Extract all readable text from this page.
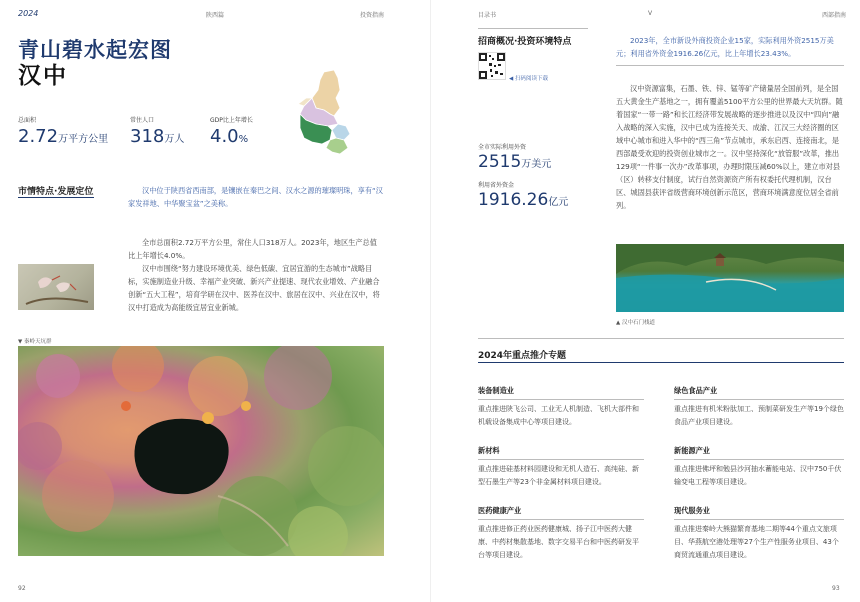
2024	陕西篇	投资指南
青山碧水起宏图
汉中
总面积
2.72万平方公里
常住人口
318万人
GDP比上年增长
4.0%
市情特点·发展定位	汉中位于陕西省西南部，是镶嵌在秦巴之间、汉水之源的璀璨明珠，享有“汉家发祥地、中华聚宝盆”之美称。
全市总面积2.72万平方公里，常住人口318万人。2023年，地区生产总值比上年增长4.0%。
汉中市围绕“努力建设环境优美、绿色低碳、宜居宜游的生态城市”战略目标，实施制造业升级、幸福产业突破、新兴产业提速、现代农业增效、产业融合创新“五大工程”，培育学研在汉中、医养在汉中、旅居在汉中、兴业在汉中，将汉中打造成为高能级宜居宜业新城。
▼ 秦岭天坑群
92
目录书	V	西部指南
招商概况·投资环境特点
◀ 扫码阅读下载
2023年，全市新设外商投资企业15家，实际利用外资2515万美元；利用省外资金1916.26亿元，比上年增长23.43%。
全市实际利用外资
2515万美元
利用省外资金
1916.26亿元
汉中资源富集，石墨、铁、锌、锰等矿产储量居全国前列，是全国五大黄金生产基地之一，拥有覆盖5100平方公里的世界最大天坑群。随着国家“一带一路”和长江经济带发展战略的逐步推进以及汉中“四向”融入战略的深入实施，汉中已成为连接关天、成渝、江汉三大经济圈的区域中心城市和进入华中的“西三角”节点城市，承东启西、连接南北，是西部最受欢迎的投资创业城市之一。汉中坚持深化“放管服”改革，推出129项“一件事一次办”改革事项，办理时限压减60%以上，建立市对县（区）转移支付制度，试行自然资源资产所有权委托代理机制，汉台区、城固县获评省级营商环境创新示范区，营商环境满意度位居全省前列。
▲ 汉中石门栈道
2024年重点推介专题
装备制造业
重点推进陕飞公司、工业无人机制造、飞机大部件和机载设备集成中心等项目建设。
绿色食品产业
重点推进有机米粉肽加工、预制菜研发生产等19个绿色食品产业项目建设。
新材料
重点推进硅基材料园建设和无机人造石、高纯硅、新型石墨生产等23个非金属材料项目建设。
新能源产业
重点推进佛坪和勉县沙河抽水蓄能电站、汉中750千伏输变电工程等项目建设。
医药健康产业
重点推进修正药业医药健康城、扬子江中医药大健康、中药材集散基地、数字交易平台和中医药研发平台等项目建设。
现代服务业
重点推进秦岭大熊猫繁育基地二期等44个重点文旅项目、华燕航空港处理等27个生产性服务业项目、43个商贸流通重点项目建设。
93
